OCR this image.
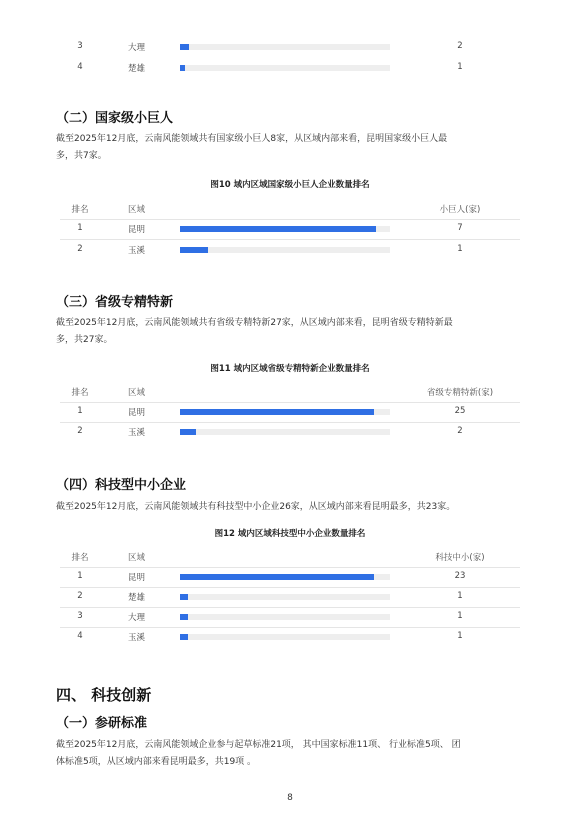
3	大理	2
4	楚雄	1
（二）国家级小巨人
截至2025年12月底，云南风能领域共有国家级小巨人8家，从区域内部来看，昆明国家级小巨人最
多，共7家。
图10 域内区域国家级小巨人企业数量排名
排名	区域	小巨人(家)
1	昆明	7
2	玉溪	1
（三）省级专精特新
截至2025年12月底，云南风能领域共有省级专精特新27家，从区域内部来看，昆明省级专精特新最
多，共27家。
图11 域内区域省级专精特新企业数量排名
排名	区域	省级专精特新(家)
1	昆明	25
2	玉溪	2
（四）科技型中小企业
截至2025年12月底，云南风能领域共有科技型中小企业26家，从区域内部来看昆明最多，共23家。
图12 域内区域科技型中小企业数量排名
排名	区域	科技中小(家)
1	昆明	23
2	楚雄	1
3	大理	1
4	玉溪	1
四、 科技创新
（一）参研标准
截至2025年12月底，云南风能领域企业参与起草标准21项， 其中国家标准11项、 行业标准5项、 团
体标准5项，从区域内部来看昆明最多，共19项 。
8
